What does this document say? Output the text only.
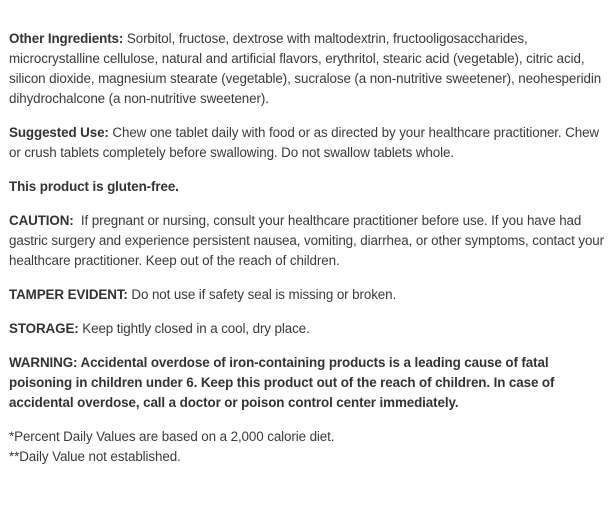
Other Ingredients: Sorbitol, fructose, dextrose with maltodextrin, fructooligosaccharides, microcrystalline cellulose, natural and artificial flavors, erythritol, stearic acid (vegetable), citric acid, silicon dioxide, magnesium stearate (vegetable), sucralose (a non-nutritive sweetener), neohesperidin dihydrochalcone (a non-nutritive sweetener).

Suggested Use: Chew one tablet daily with food or as directed by your healthcare practitioner. Chew or crush tablets completely before swallowing. Do not swallow tablets whole.

This product is gluten-free.

CAUTION:  If pregnant or nursing, consult your healthcare practitioner before use. If you have had gastric surgery and experience persistent nausea, vomiting, diarrhea, or other symptoms, contact your healthcare practitioner. Keep out of the reach of children.

TAMPER EVIDENT: Do not use if safety seal is missing or broken.

STORAGE: Keep tightly closed in a cool, dry place.

WARNING: Accidental overdose of iron-containing products is a leading cause of fatal poisoning in children under 6. Keep this product out of the reach of children. In case of accidental overdose, call a doctor or poison control center immediately.

*Percent Daily Values are based on a 2,000 calorie diet.

**Daily Value not established.
